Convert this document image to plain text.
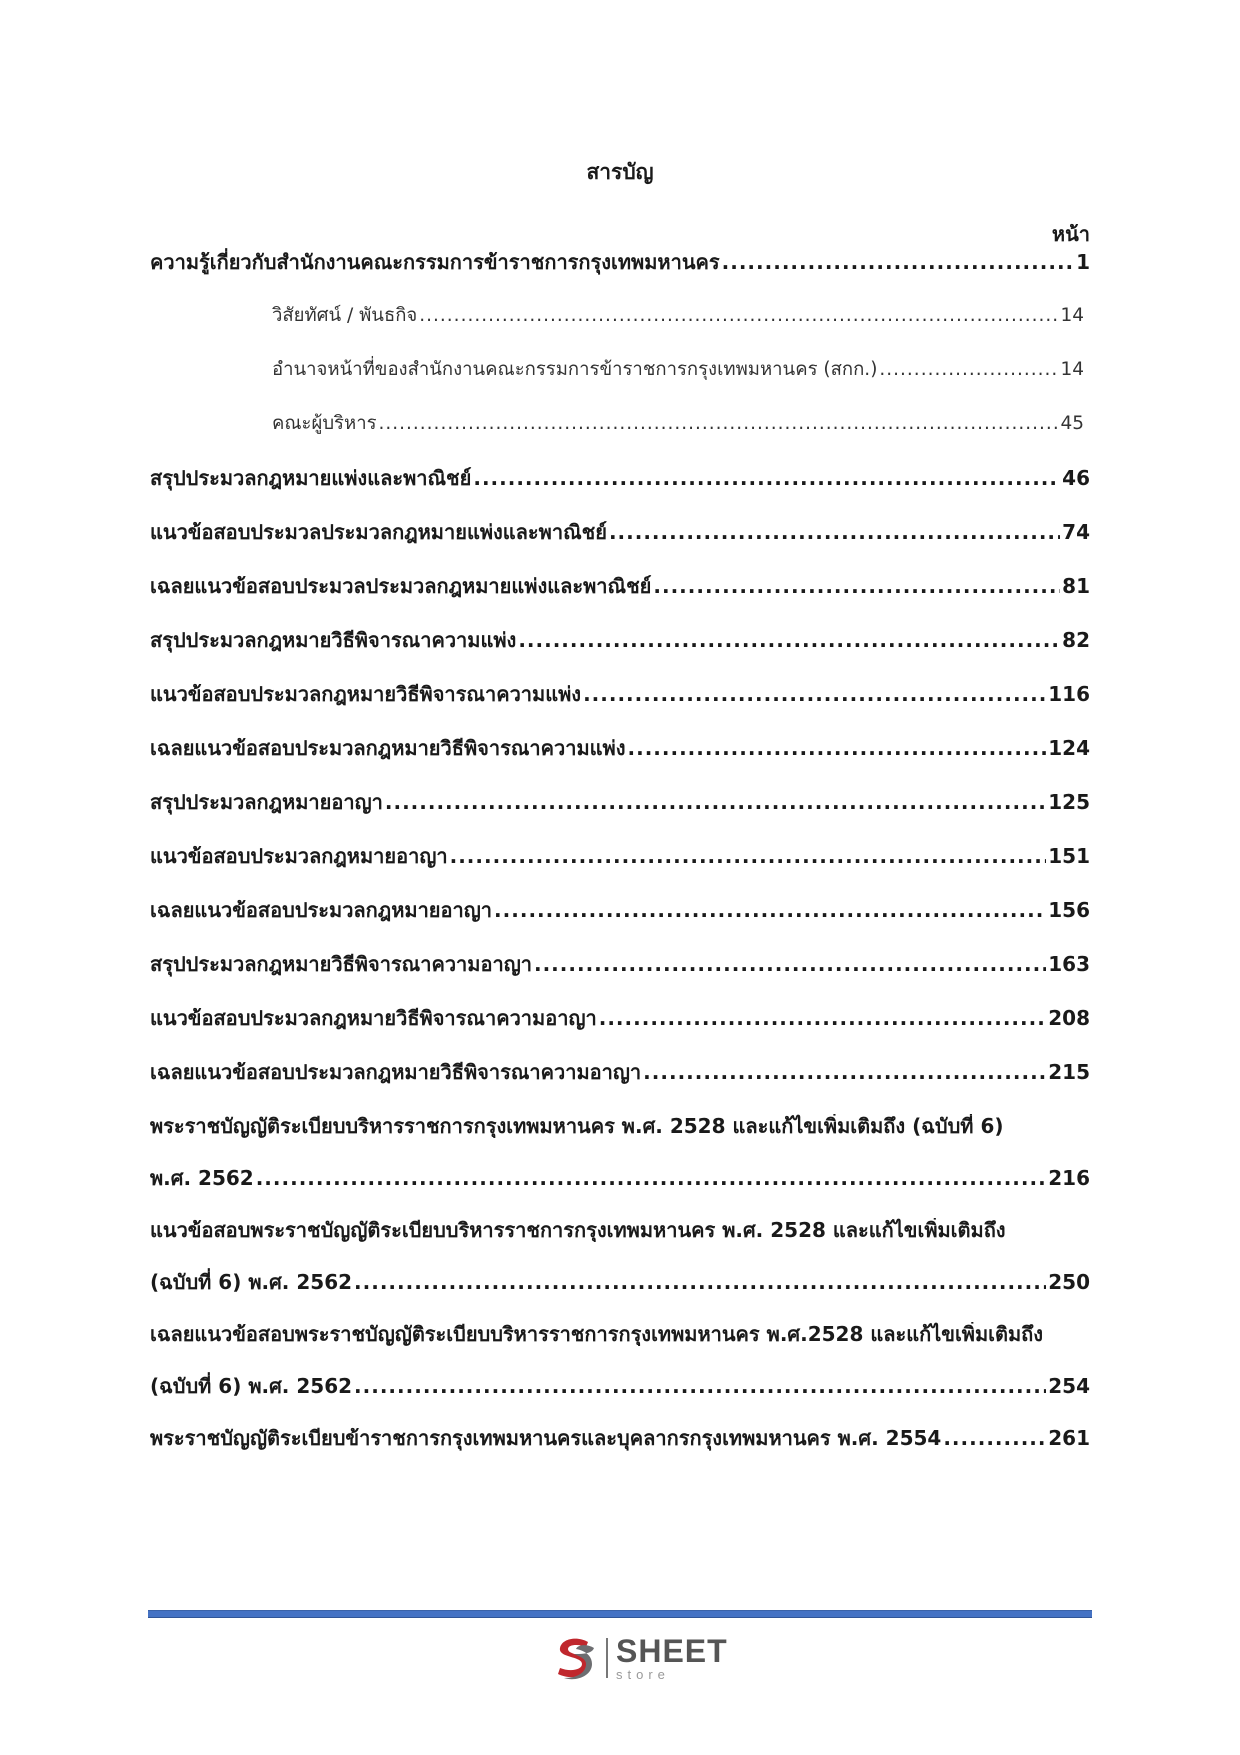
สารบัญ
หน้า
ความรู้เกี่ยวกับสำนักงานคณะกรรมการข้าราชการกรุงเทพมหานคร .....	1
วิสัยทัศน์ / พันธกิจ .....	14
อำนาจหน้าที่ของสำนักงานคณะกรรมการข้าราชการกรุงเทพมหานคร (สกก.) .....	14
คณะผู้บริหาร .....	45
สรุปประมวลกฎหมายแพ่งและพาณิชย์ .....	46
แนวข้อสอบประมวลประมวลกฎหมายแพ่งและพาณิชย์ .....	74
เฉลยแนวข้อสอบประมวลประมวลกฎหมายแพ่งและพาณิชย์ .....	81
สรุปประมวลกฎหมายวิธีพิจารณาความแพ่ง .....	82
แนวข้อสอบประมวลกฎหมายวิธีพิจารณาความแพ่ง .....	116
เฉลยแนวข้อสอบประมวลกฎหมายวิธีพิจารณาความแพ่ง .....	124
สรุปประมวลกฎหมายอาญา .....	125
แนวข้อสอบประมวลกฎหมายอาญา .....	151
เฉลยแนวข้อสอบประมวลกฎหมายอาญา .....	156
สรุปประมวลกฎหมายวิธีพิจารณาความอาญา .....	163
แนวข้อสอบประมวลกฎหมายวิธีพิจารณาความอาญา .....	208
เฉลยแนวข้อสอบประมวลกฎหมายวิธีพิจารณาความอาญา .....	215
พระราชบัญญัติระเบียบบริหารราชการกรุงเทพมหานคร พ.ศ. 2528 และแก้ไขเพิ่มเติมถึง (ฉบับที่ 6)
พ.ศ. 2562 .....	216
แนวข้อสอบพระราชบัญญัติระเบียบบริหารราชการกรุงเทพมหานคร พ.ศ. 2528 และแก้ไขเพิ่มเติมถึง
(ฉบับที่ 6) พ.ศ. 2562 .....	250
เฉลยแนวข้อสอบพระราชบัญญัติระเบียบบริหารราชการกรุงเทพมหานคร พ.ศ.2528 และแก้ไขเพิ่มเติมถึง
(ฉบับที่ 6) พ.ศ. 2562 .....	254
พระราชบัญญัติระเบียบข้าราชการกรุงเทพมหานครและบุคลากรกรุงเทพมหานคร พ.ศ. 2554 .....	261
SHEET
store
